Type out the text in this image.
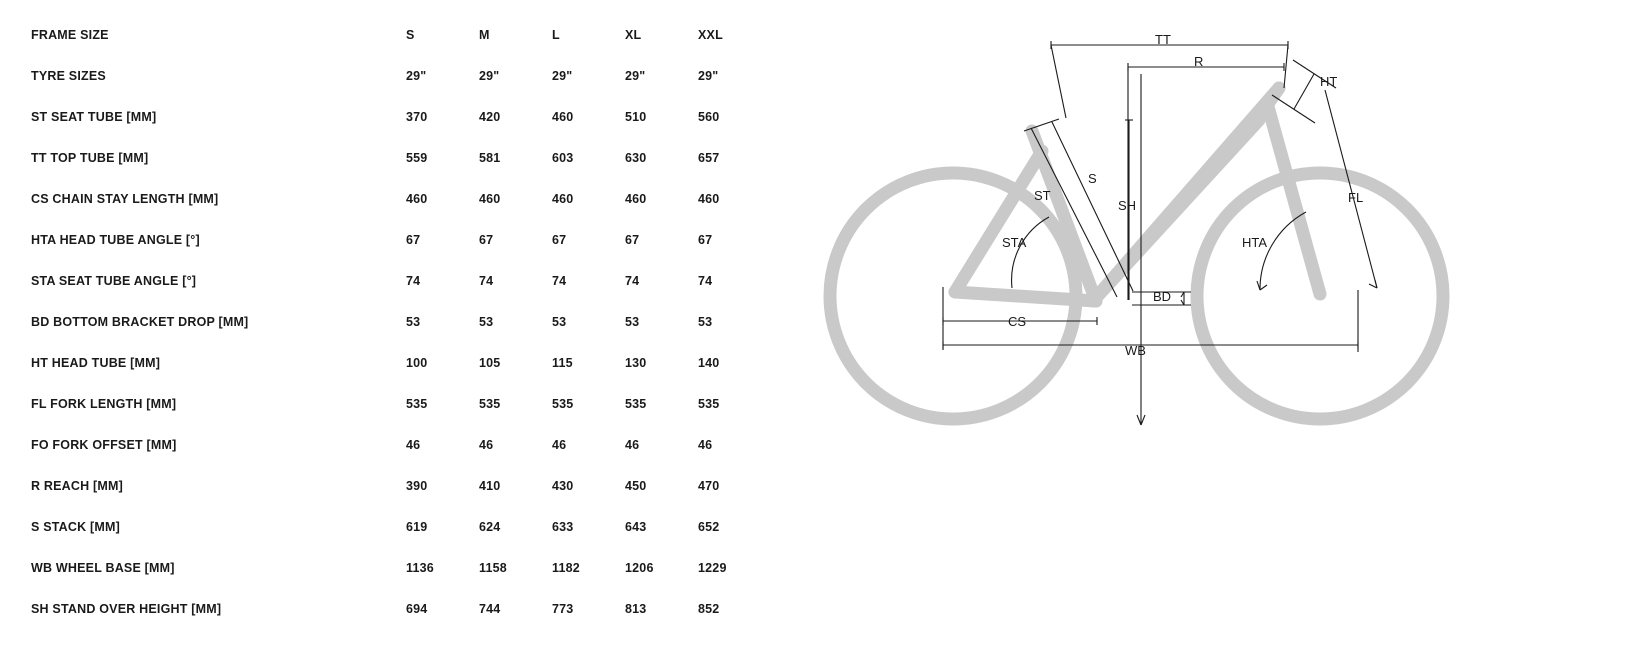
FRAME SIZE	S	M	L	XL	XXL
TYRE SIZES	29"	29"	29"	29"	29"
ST SEAT TUBE [MM]	370	420	460	510	560
TT TOP TUBE [MM]	559	581	603	630	657
CS CHAIN STAY LENGTH [MM]	460	460	460	460	460
HTA HEAD TUBE ANGLE [°]	67	67	67	67	67
STA SEAT TUBE ANGLE [°]	74	74	74	74	74
BD BOTTOM BRACKET DROP [MM]	53	53	53	53	53
HT HEAD TUBE [MM]	100	105	115	130	140
FL FORK LENGTH [MM]	535	535	535	535	535
FO FORK OFFSET [MM]	46	46	46	46	46
R REACH [MM]	390	410	430	450	470
S STACK [MM]	619	624	633	643	652
WB WHEEL BASE [MM]	1136	1158	1182	1206	1229
SH STAND OVER HEIGHT [MM]	694	744	773	813	852
TT
R
HT
ST
S
SH
FL
STA	HTA
BD
CS
WB
